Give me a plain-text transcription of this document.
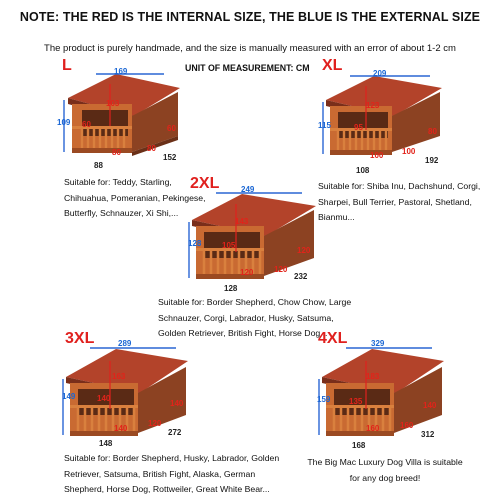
NOTE: THE RED IS THE INTERNAL SIZE, THE BLUE IS THE EXTERNAL SIZE
The product is purely handmade, and the size is manually measured with an error of about 1-2 cm
UNIT OF MEASUREMENT: CM
L	169
103
109 60	60
80	80
88
152
Suitable for: Teddy, Starling,
Chihuahua, Pomeranian, Pekingese,
Butterfly, Schnauzer, Xi Shi,...
XL	209
123
115	95	80
100 100
108
192
Suitable for: Shiba Inu, Dachshund, Corgi,
Sharpei, Bull Terrier, Pastoral, Shetland,
Bianmu...
2XL	249
143
128	105
120
120	120
128
232
Suitable for: Border Shepherd, Chow Chow, Large
Schnauzer, Corgi, Labrador, Husky, Satsuma,
Golden Retriever, British Fight, Horse Dog...
3XL	289
163
149	140
140
140
120
148
272
Suitable for: Border Shepherd, Husky, Labrador, Golden
Retriever, Satsuma, British Fight, Alaska, German
Shepherd, Horse Dog, Rottweiler, Great White Bear...
4XL	329
183
159 135	140
160	160
168
312
The Big Mac Luxury Dog Villa is suitable
for any dog breed!
